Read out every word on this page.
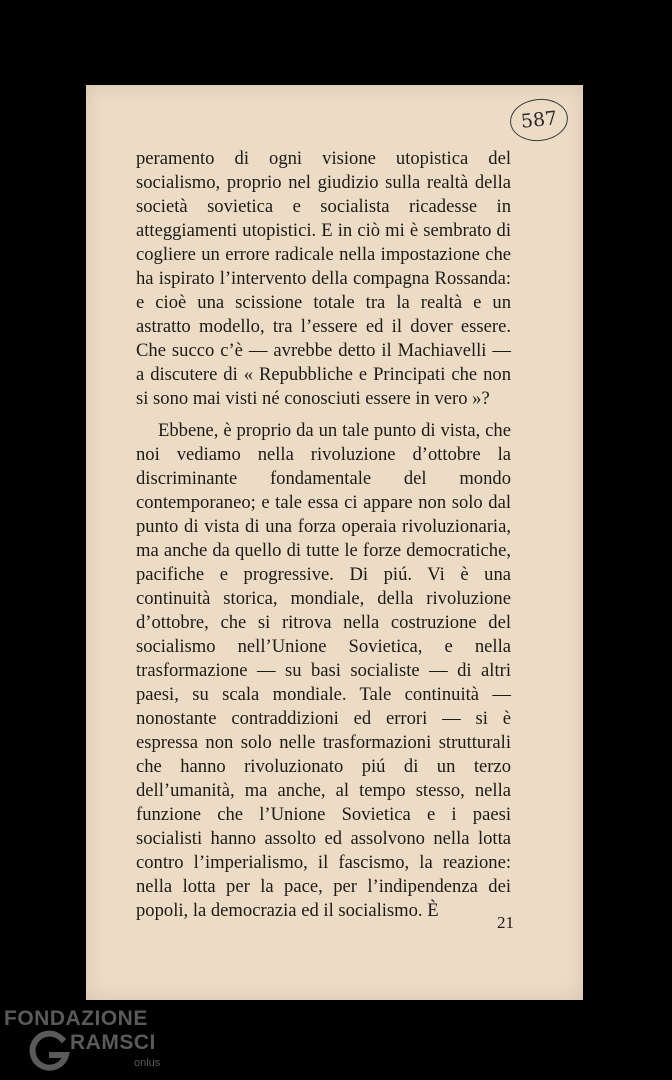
587

peramento di ogni visione utopistica del socialismo, proprio nel giudizio sulla realtà della società sovietica e socialista ricadesse in atteggiamenti utopistici. E in ciò mi è sembrato di cogliere un errore radicale nella impostazione che ha ispirato l’intervento della compagna Rossanda: e cioè una scissione totale tra la realtà e un astratto modello, tra l’essere ed il dover essere. Che succo c’è — avrebbe detto il Machiavelli — a discutere di « Repubbliche e Principati che non si sono mai visti né conosciuti essere in vero »?

Ebbene, è proprio da un tale punto di vista, che noi vediamo nella rivoluzione d’ottobre la discriminante fondamentale del mondo contemporaneo; e tale essa ci appare non solo dal punto di vista di una forza operaia rivoluzionaria, ma anche da quello di tutte le forze democratiche, pacifiche e progressive. Di piú. Vi è una continuità storica, mondiale, della rivoluzione d’ottobre, che si ritrova nella costruzione del socialismo nell’Unione Sovietica, e nella trasformazione — su basi socialiste — di altri paesi, su scala mondiale. Tale continuità — nonostante contraddizioni ed errori — si è espressa non solo nelle trasformazioni strutturali che hanno rivoluzionato piú di un terzo dell’umanità, ma anche, al tempo stesso, nella funzione che l’Unione Sovietica e i paesi socialisti hanno assolto ed assolvono nella lotta contro l’imperialismo, il fascismo, la reazione: nella lotta per la pace, per l’indipendenza dei popoli, la democrazia ed il socialismo. È

21
FONDAZIONE
RAMSCI
onlus
